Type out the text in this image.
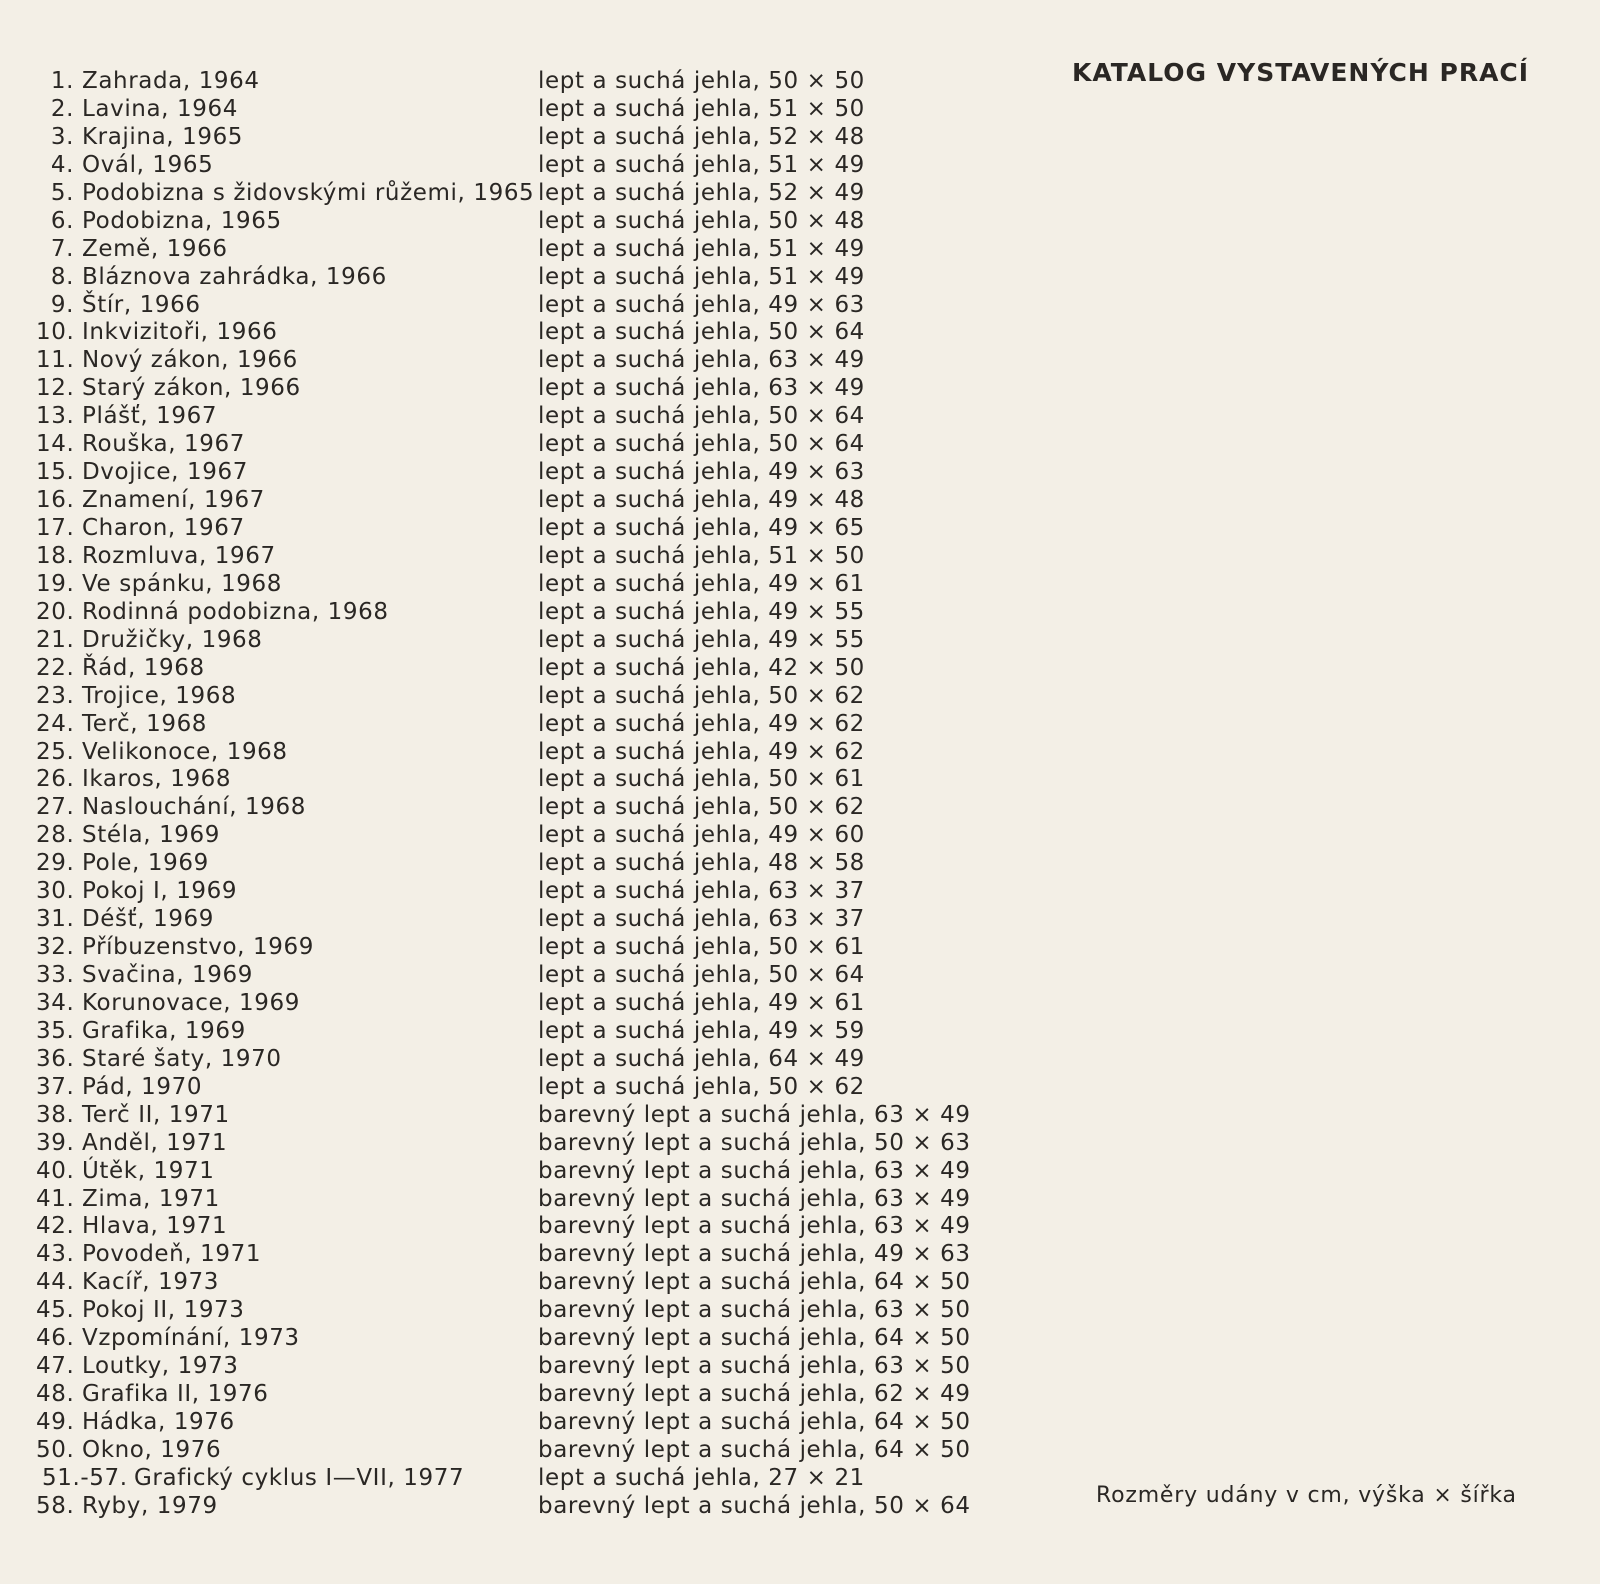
KATALOG VYSTAVENÝCH PRACÍ
1. Zahrada, 1964	lept a suchá jehla, 50 × 50
2. Lavina, 1964	lept a suchá jehla, 51 × 50
3. Krajina, 1965	lept a suchá jehla, 52 × 48
4. Ovál, 1965	lept a suchá jehla, 51 × 49
5. Podobizna s židovskými růžemi, 1965 lept a suchá jehla, 52 × 49
6. Podobizna, 1965	lept a suchá jehla, 50 × 48
7. Země, 1966	lept a suchá jehla, 51 × 49
8. Bláznova zahrádka, 1966	lept a suchá jehla, 51 × 49
9. Štír, 1966	lept a suchá jehla, 49 × 63
10. Inkvizitoři, 1966	lept a suchá jehla, 50 × 64
11. Nový zákon, 1966	lept a suchá jehla, 63 × 49
12. Starý zákon, 1966	lept a suchá jehla, 63 × 49
13. Plášť, 1967	lept a suchá jehla, 50 × 64
14. Rouška, 1967	lept a suchá jehla, 50 × 64
15. Dvojice, 1967	lept a suchá jehla, 49 × 63
16. Znamení, 1967	lept a suchá jehla, 49 × 48
17. Charon, 1967	lept a suchá jehla, 49 × 65
18. Rozmluva, 1967	lept a suchá jehla, 51 × 50
19. Ve spánku, 1968	lept a suchá jehla, 49 × 61
20. Rodinná podobizna, 1968	lept a suchá jehla, 49 × 55
21. Družičky, 1968	lept a suchá jehla, 49 × 55
22. Řád, 1968	lept a suchá jehla, 42 × 50
23. Trojice, 1968	lept a suchá jehla, 50 × 62
24. Terč, 1968	lept a suchá jehla, 49 × 62
25. Velikonoce, 1968	lept a suchá jehla, 49 × 62
26. Ikaros, 1968	lept a suchá jehla, 50 × 61
27. Naslouchání, 1968	lept a suchá jehla, 50 × 62
28. Stéla, 1969	lept a suchá jehla, 49 × 60
29. Pole, 1969	lept a suchá jehla, 48 × 58
30. Pokoj I, 1969	lept a suchá jehla, 63 × 37
31. Déšť, 1969	lept a suchá jehla, 63 × 37
32. Příbuzenstvo, 1969	lept a suchá jehla, 50 × 61
33. Svačina, 1969	lept a suchá jehla, 50 × 64
34. Korunovace, 1969	lept a suchá jehla, 49 × 61
35. Grafika, 1969	lept a suchá jehla, 49 × 59
36. Staré šaty, 1970	lept a suchá jehla, 64 × 49
37. Pád, 1970	lept a suchá jehla, 50 × 62
38. Terč II, 1971	barevný lept a suchá jehla, 63 × 49
39. Anděl, 1971	barevný lept a suchá jehla, 50 × 63
40. Útěk, 1971	barevný lept a suchá jehla, 63 × 49
41. Zima, 1971	barevný lept a suchá jehla, 63 × 49
42. Hlava, 1971	barevný lept a suchá jehla, 63 × 49
43. Povodeň, 1971	barevný lept a suchá jehla, 49 × 63
44. Kacíř, 1973	barevný lept a suchá jehla, 64 × 50
45. Pokoj II, 1973	barevný lept a suchá jehla, 63 × 50
46. Vzpomínání, 1973	barevný lept a suchá jehla, 64 × 50
47. Loutky, 1973	barevný lept a suchá jehla, 63 × 50
48. Grafika II, 1976	barevný lept a suchá jehla, 62 × 49
49. Hádka, 1976	barevný lept a suchá jehla, 64 × 50
50. Okno, 1976	barevný lept a suchá jehla, 64 × 50
51.-57. Grafický cyklus I—VII, 1977	lept a suchá jehla, 27 × 21
58. Ryby, 1979	barevný lept a suchá jehla, 50 × 64	Rozměry udány v cm, výška × šířka
